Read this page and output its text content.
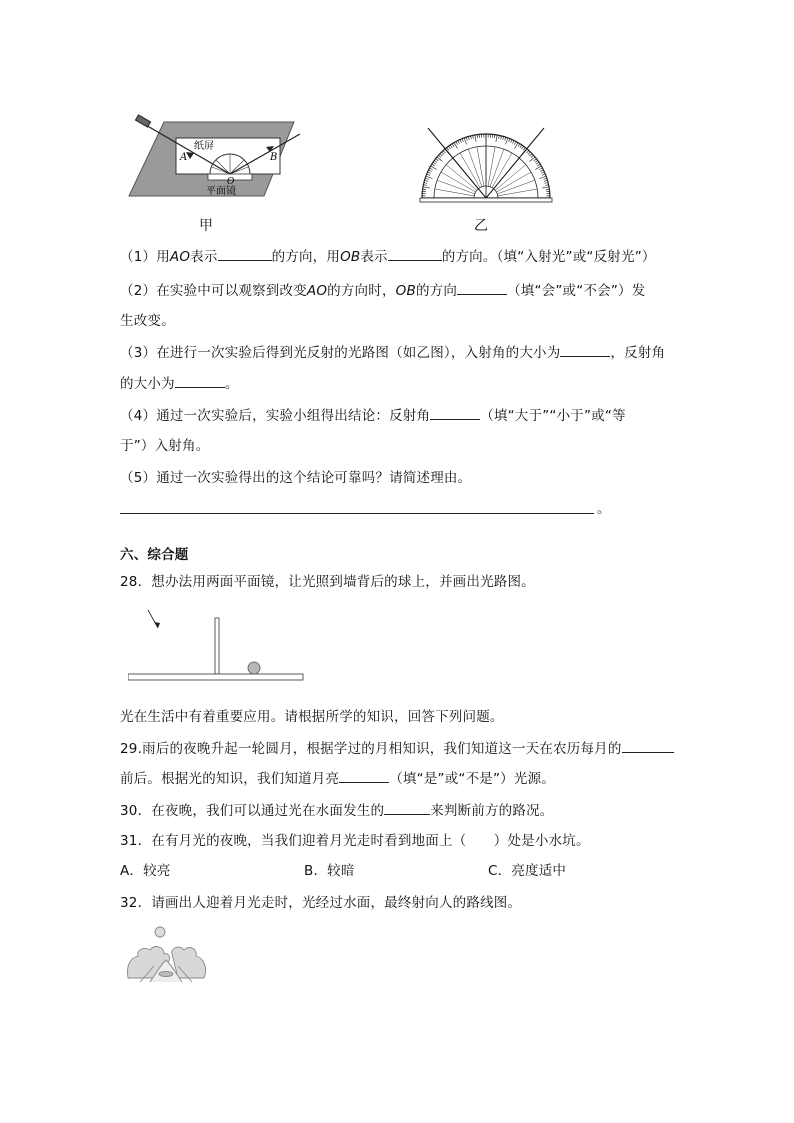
A	B
O
纸屏
平面镜
甲	乙
（1）用AO表示	的方向，用OB表示	的方向。（填“入射光”或“反射光”）
（2）在实验中可以观察到改变AO的方向时，OB的方向	（填“会”或“不会”）发
生改变。
（3）在进行一次实验后得到光反射的光路图（如乙图），入射角的大小为	，反射角
的大小为	。
（4）通过一次实验后，实验小组得出结论：反射角	（填“大于”“小于”或“等
于”）入射角。
（5）通过一次实验得出的这个结论可靠吗？请简述理由。
。
六、综合题
28．想办法用两面平面镜，让光照到墙背后的球上，并画出光路图。
光在生活中有着重要应用。请根据所学的知识，回答下列问题。
29.雨后的夜晚升起一轮圆月，根据学过的月相知识，我们知道这一天在农历每月的
前后。根据光的知识，我们知道月亮	（填“是”或“不是”）光源。
30．在夜晚，我们可以通过光在水面发生的	来判断前方的路况。
31．在有月光的夜晚，当我们迎着月光走时看到地面上（　　）处是小水坑。
A．较亮	B．较暗	C．亮度适中
32．请画出人迎着月光走时，光经过水面，最终射向人的路线图。
